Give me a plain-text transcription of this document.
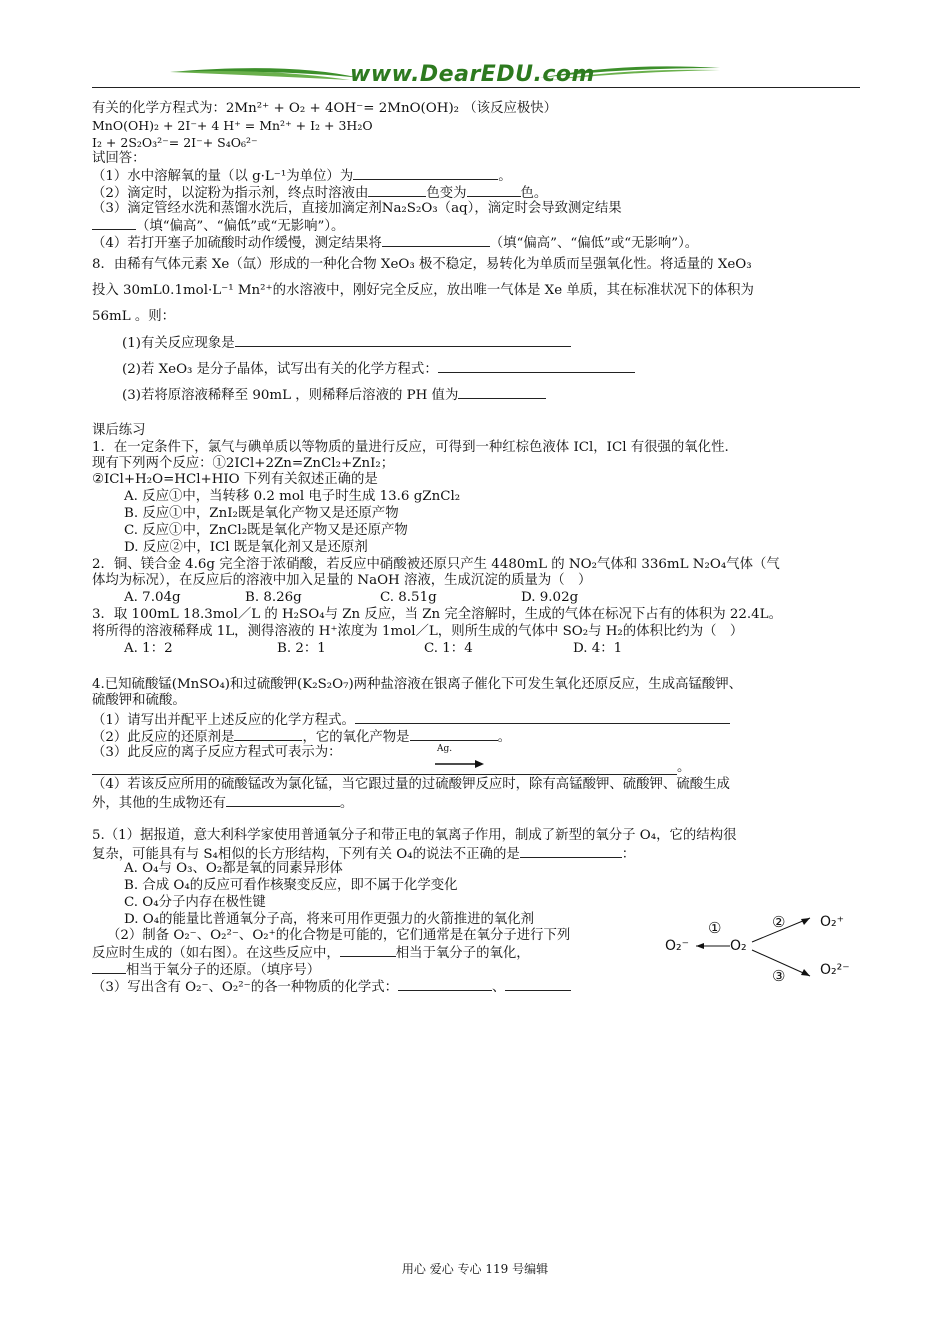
www.DearEDU.com
有关的化学方程式为：2Mn²⁺ + O₂ + 4OH⁻= 2MnO(OH)₂ （该反应极快）
MnO(OH)₂ + 2I⁻+ 4 H⁺ = Mn²⁺ + I₂ + 3H₂O
I₂ + 2S₂O₃²⁻= 2I⁻+ S₄O₆²⁻
试回答：
（1）水中溶解氧的量（以 g·L⁻¹为单位）为	。
（2）滴定时，以淀粉为指示剂，终点时溶液由	色变为	色。
（3）滴定管经水洗和蒸馏水洗后，直接加滴定剂Na₂S₂O₃（aq），滴定时会导致测定结果
（填“偏高”、“偏低”或“无影响”）。
（4）若打开塞子加硫酸时动作缓慢，测定结果将	（填“偏高”、“偏低”或“无影响”）。
8．由稀有气体元素 Xe（氙）形成的一种化合物 XeO₃ 极不稳定，易转化为单质而呈强氧化性。将适量的 XeO₃
投入 30mL0.1mol·L⁻¹ Mn²⁺的水溶液中，刚好完全反应，放出唯一气体是 Xe 单质，其在标准状况下的体积为
56mL 。则：
(1)有关反应现象是
(2)若 XeO₃ 是分子晶体，试写出有关的化学方程式：
(3)若将原溶液稀释至 90mL ，则稀释后溶液的 PH 值为
课后练习
1．在一定条件下，氯气与碘单质以等物质的量进行反应，可得到一种红棕色液体 ICl，ICl 有很强的氧化性.
现有下列两个反应：①2ICl+2Zn=ZnCl₂+ZnI₂；
②ICl+H₂O=HCl+HIO 下列有关叙述正确的是
A. 反应①中，当转移 0.2 mol 电子时生成 13.6 gZnCl₂
B. 反应①中，ZnI₂既是氧化产物又是还原产物
C. 反应①中，ZnCl₂既是氧化产物又是还原产物
D. 反应②中，ICl 既是氧化剂又是还原剂
2．铜、镁合金 4.6g 完全溶于浓硝酸，若反应中硝酸被还原只产生 4480mL 的 NO₂气体和 336mL N₂O₄气体（气
体均为标况），在反应后的溶液中加入足量的 NaOH 溶液，生成沉淀的质量为（　）
A. 7.04g	B. 8.26g	C. 8.51g	D. 9.02g
3．取 100mL 18.3mol／L 的 H₂SO₄与 Zn 反应，当 Zn 完全溶解时，生成的气体在标况下占有的体积为 22.4L。
将所得的溶液稀释成 1L，测得溶液的 H⁺浓度为 1mol／L，则所生成的气体中 SO₂与 H₂的体积比约为（　）
A. 1：2	B. 2：1	C. 1：4	D. 4：1
4.已知硫酸锰(MnSO₄)和过硫酸钾(K₂S₂O₇)两种盐溶液在银离子催化下可发生氧化还原反应，生成高锰酸钾、
硫酸钾和硫酸。
（1）请写出并配平上述反应的化学方程式。
（2）此反应的还原剂是	，它的氧化产物是	。
（3）此反应的离子反应方程式可表示为：	Ag.
。
（4）若该反应所用的硫酸锰改为氯化锰，当它跟过量的过硫酸钾反应时，除有高锰酸钾、硫酸钾、硫酸生成
外，其他的生成物还有	。
5.（1）据报道，意大利科学家使用普通氧分子和带正电的氧离子作用，制成了新型的氧分子 O₄，它的结构很
复杂，可能具有与 S₄相似的长方形结构，下列有关 O₄的说法不正确的是	：
A. O₄与 O₃、O₂都是氧的同素异形体
B. 合成 O₄的反应可看作核聚变反应，即不属于化学变化
C. O₄分子内存在极性键
D. O₄的能量比普通氧分子高，将来可用作更强力的火箭推进的氧化剂
（2）制备 O₂⁻、O₂²⁻、O₂⁺的化合物是可能的，它们通常是在氧分子进行下列
反应时生成的（如右图）。在这些反应中，	相当于氧分子的氧化，
相当于氧分子的还原。（填序号）
（3）写出含有 O₂⁻、O₂²⁻的各一种物质的化学式：	、
O₂⁻	O₂
O₂⁺
O₂²⁻
①	②
③
用心 爱心 专心 119 号编辑
